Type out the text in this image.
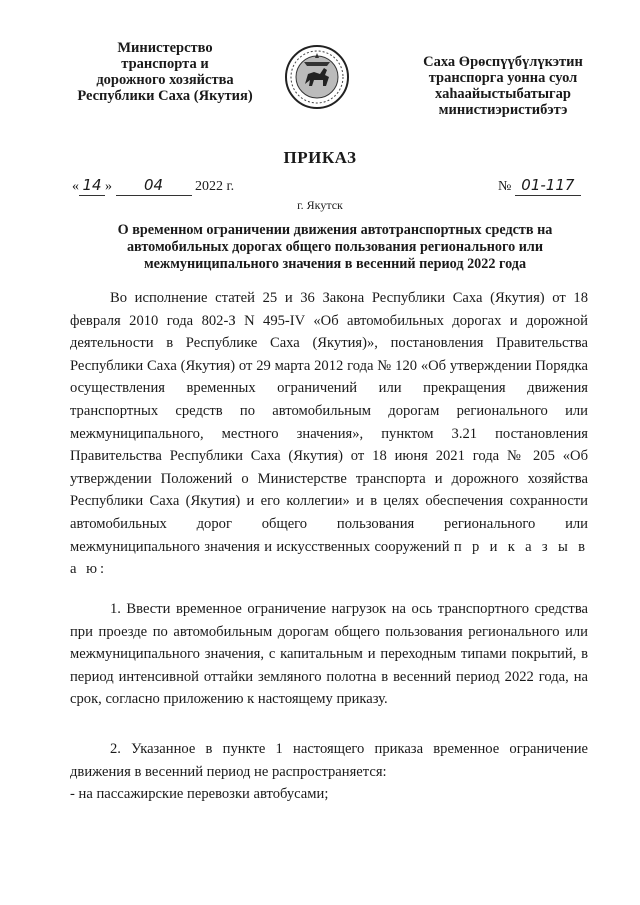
Министерство
транспорта и
дорожного хозяйства
Республики Саха (Якутия)
Саха Өрөспүүбүлүкэтин
транспорга уонна суол
хаһаайыстыбатыгар
министиэристибэтэ
ПРИКАЗ
« 14 » 04 2022 г.	№ 01-117
г. Якутск
О временном ограничении движения автотранспортных средств на автомобильных дорогах общего пользования регионального или межмуниципального значения в весенний период 2022 года

Во исполнение статей 25 и 36 Закона Республики Саха (Якутия) от 18 февраля 2010 года 802-З N 495-IV «Об автомобильных дорогах и дорожной деятельности в Республике Саха (Якутия)», постановления Правительства Республики Саха (Якутия) от 29 марта 2012 года № 120 «Об утверждении Порядка осуществления временных ограничений или прекращения движения транспортных средств по автомобильным дорогам регионального или межмуниципального, местного значения», пунктом 3.21 постановления Правительства Республики Саха (Якутия) от 18 июня 2021 года № 205 «Об утверждении Положений о Министерстве транспорта и дорожного хозяйства Республики Саха (Якутия) и его коллегии» и в целях обеспечения сохранности автомобильных дорог общего пользования регионального или межмуниципального значения и искусственных сооружений п р и к а з ы в а ю:

1. Ввести временное ограничение нагрузок на ось транспортного средства при проезде по автомобильным дорогам общего пользования регионального или межмуниципального значения, с капитальным и переходным типами покрытий, в период интенсивной оттайки земляного полотна в весенний период 2022 года, на срок, согласно приложению к настоящему приказу.

2. Указанное в пункте 1 настоящего приказа временное ограничение движения в весенний период не распространяется:

- на пассажирские перевозки автобусами;
